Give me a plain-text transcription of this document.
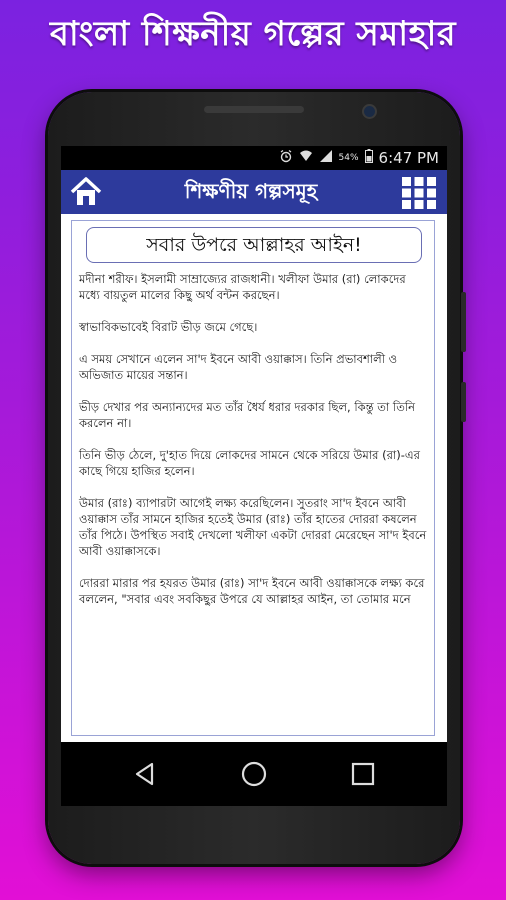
বাংলা শিক্ষনীয় গল্পের সমাহার
54% 6:47 PM
শিক্ষণীয় গল্পসমূহ
সবার উপরে আল্লাহর আইন!

মদীনা শরীফ। ইসলামী সাম্রাজ্যের রাজধানী। খলীফা উমার (রা) লোকদের মধ্যে বায়তুল মালের কিছু অর্থ বন্টন করছেন।

স্বাভাবিকভাবেই বিরাট ভীড় জমে গেছে।

এ সময় সেখানে এলেন সা'দ ইবনে আবী ওয়াক্কাস। তিনি প্রভাবশালী ও অভিজাত মায়ের সন্তান।

ভীড় দেখার পর অন্যান্যদের মত তাঁর ধৈর্য ধরার দরকার ছিল, কিন্তু তা তিনি করলেন না।

তিনি ভীড় ঠেলে, দু'হাত দিয়ে লোকদের সামনে থেকে সরিয়ে উমার (রা)-এর কাছে গিয়ে হাজির হলেন।

উমার (রাঃ) ব্যাপারটা আগেই লক্ষ্য করেছিলেন। সুতরাং সা'দ ইবনে আবী ওয়াক্কাস তাঁর সামনে হাজির হতেই উমার (রাঃ) তাঁর হাতের দোররা কষলেন তাঁর পিঠে। উপস্থিত সবাই দেখলো খলীফা একটা দোররা মেরেছেন সা'দ ইবনে আবী ওয়াক্কাসকে।

দোররা মারার পর হযরত উমার (রাঃ) সা'দ ইবনে আবী ওয়াক্কাসকে লক্ষ্য করে বললেন, "সবার এবং সবকিছুর উপরে যে আল্লাহর আইন, তা তোমার মনে
